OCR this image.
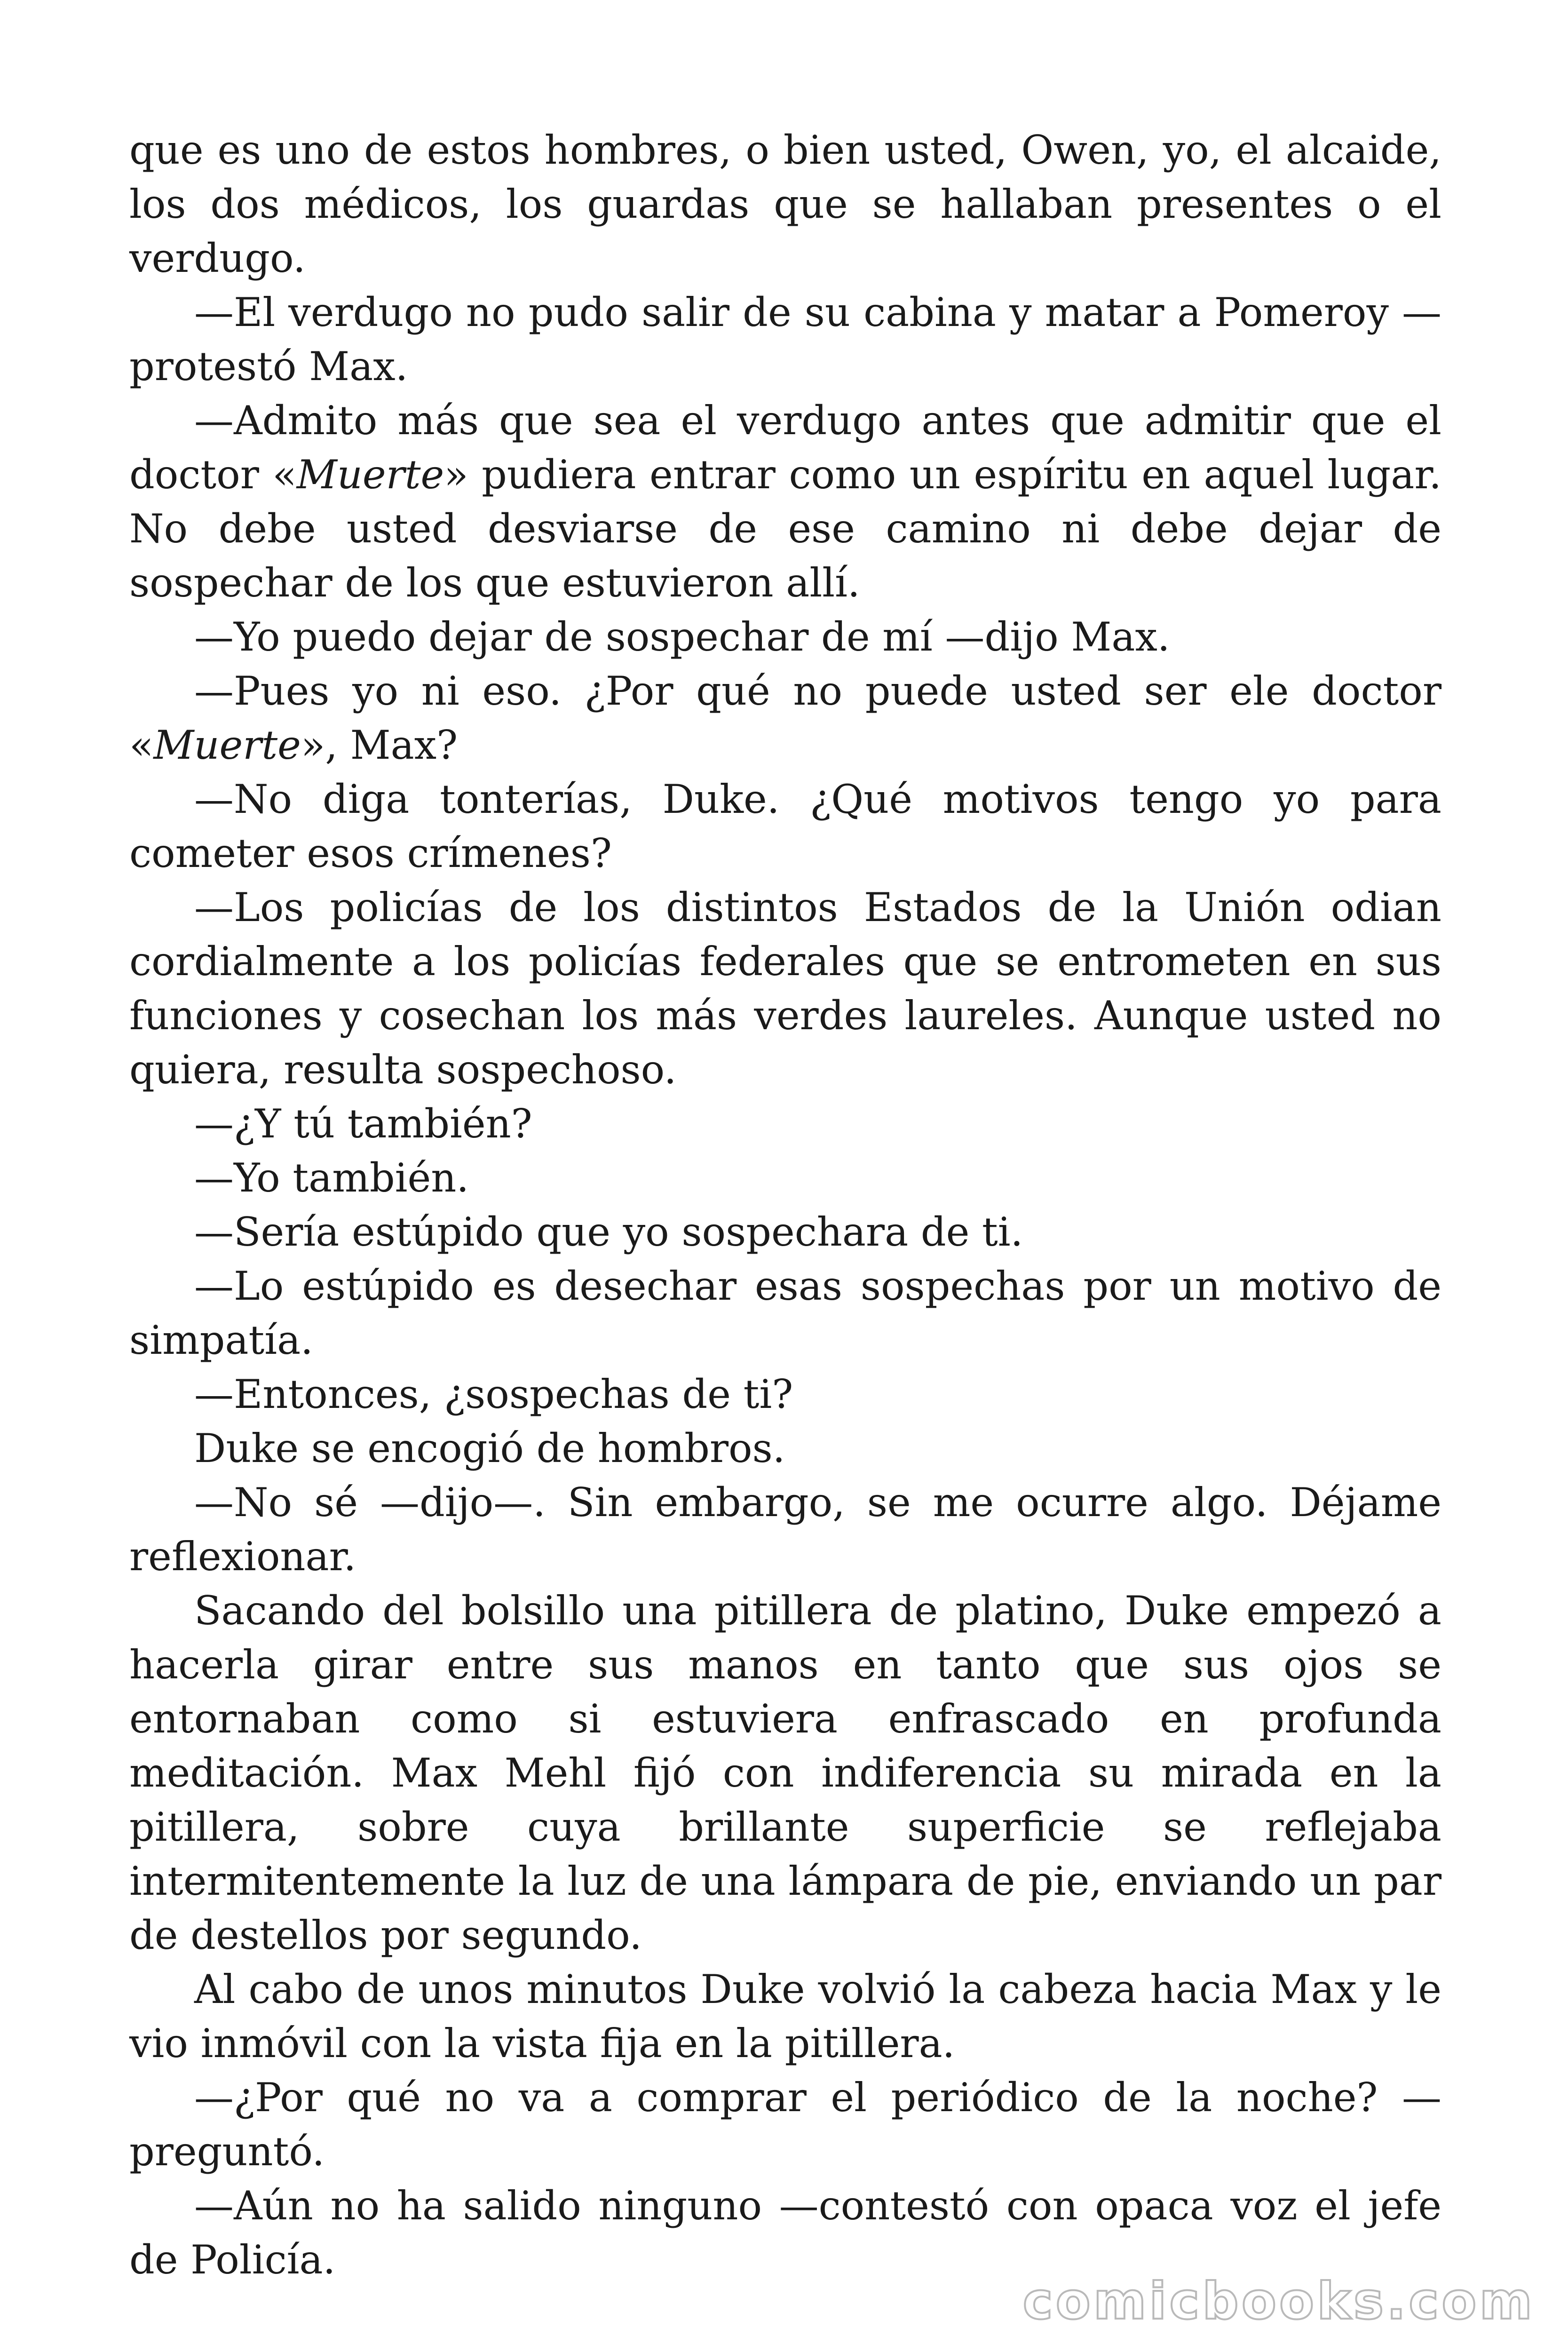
que es uno de estos hombres, o bien usted, Owen, yo, el alcaide, los dos médicos, los guardas que se hallaban presentes o el verdugo.

—El verdugo no pudo salir de su cabina y matar a Pomeroy —protestó Max.

—Admito más que sea el verdugo antes que admitir que el doctor «Muerte» pudiera entrar como un espíritu en aquel lugar. No debe usted desviarse de ese camino ni debe dejar de sospechar de los que estuvieron allí.

—Yo puedo dejar de sospechar de mí —dijo Max.

—Pues yo ni eso. ¿Por qué no puede usted ser ele doctor «Muerte», Max?

—No diga tonterías, Duke. ¿Qué motivos tengo yo para cometer esos crímenes?

—Los policías de los distintos Estados de la Unión odian cordialmente a los policías federales que se entrometen en sus funciones y cosechan los más verdes laureles. Aunque usted no quiera, resulta sospechoso.

—¿Y tú también?

—Yo también.

—Sería estúpido que yo sospechara de ti.

—Lo estúpido es desechar esas sospechas por un motivo de simpatía.

—Entonces, ¿sospechas de ti?

Duke se encogió de hombros.

—No sé —dijo—. Sin embargo, se me ocurre algo. Déjame reflexionar.

Sacando del bolsillo una pitillera de platino, Duke empezó a hacerla girar entre sus manos en tanto que sus ojos se entornaban como si estuviera enfrascado en profunda meditación. Max Mehl fijó con indiferencia su mirada en la pitillera, sobre cuya brillante superficie se reflejaba intermitentemente la luz de una lámpara de pie, enviando un par de destellos por segundo.

Al cabo de unos minutos Duke volvió la cabeza hacia Max y le vio inmóvil con la vista fija en la pitillera.

—¿Por qué no va a comprar el periódico de la noche? —preguntó.

—Aún no ha salido ninguno —contestó con opaca voz el jefe de Policía.

comicbooks.com
